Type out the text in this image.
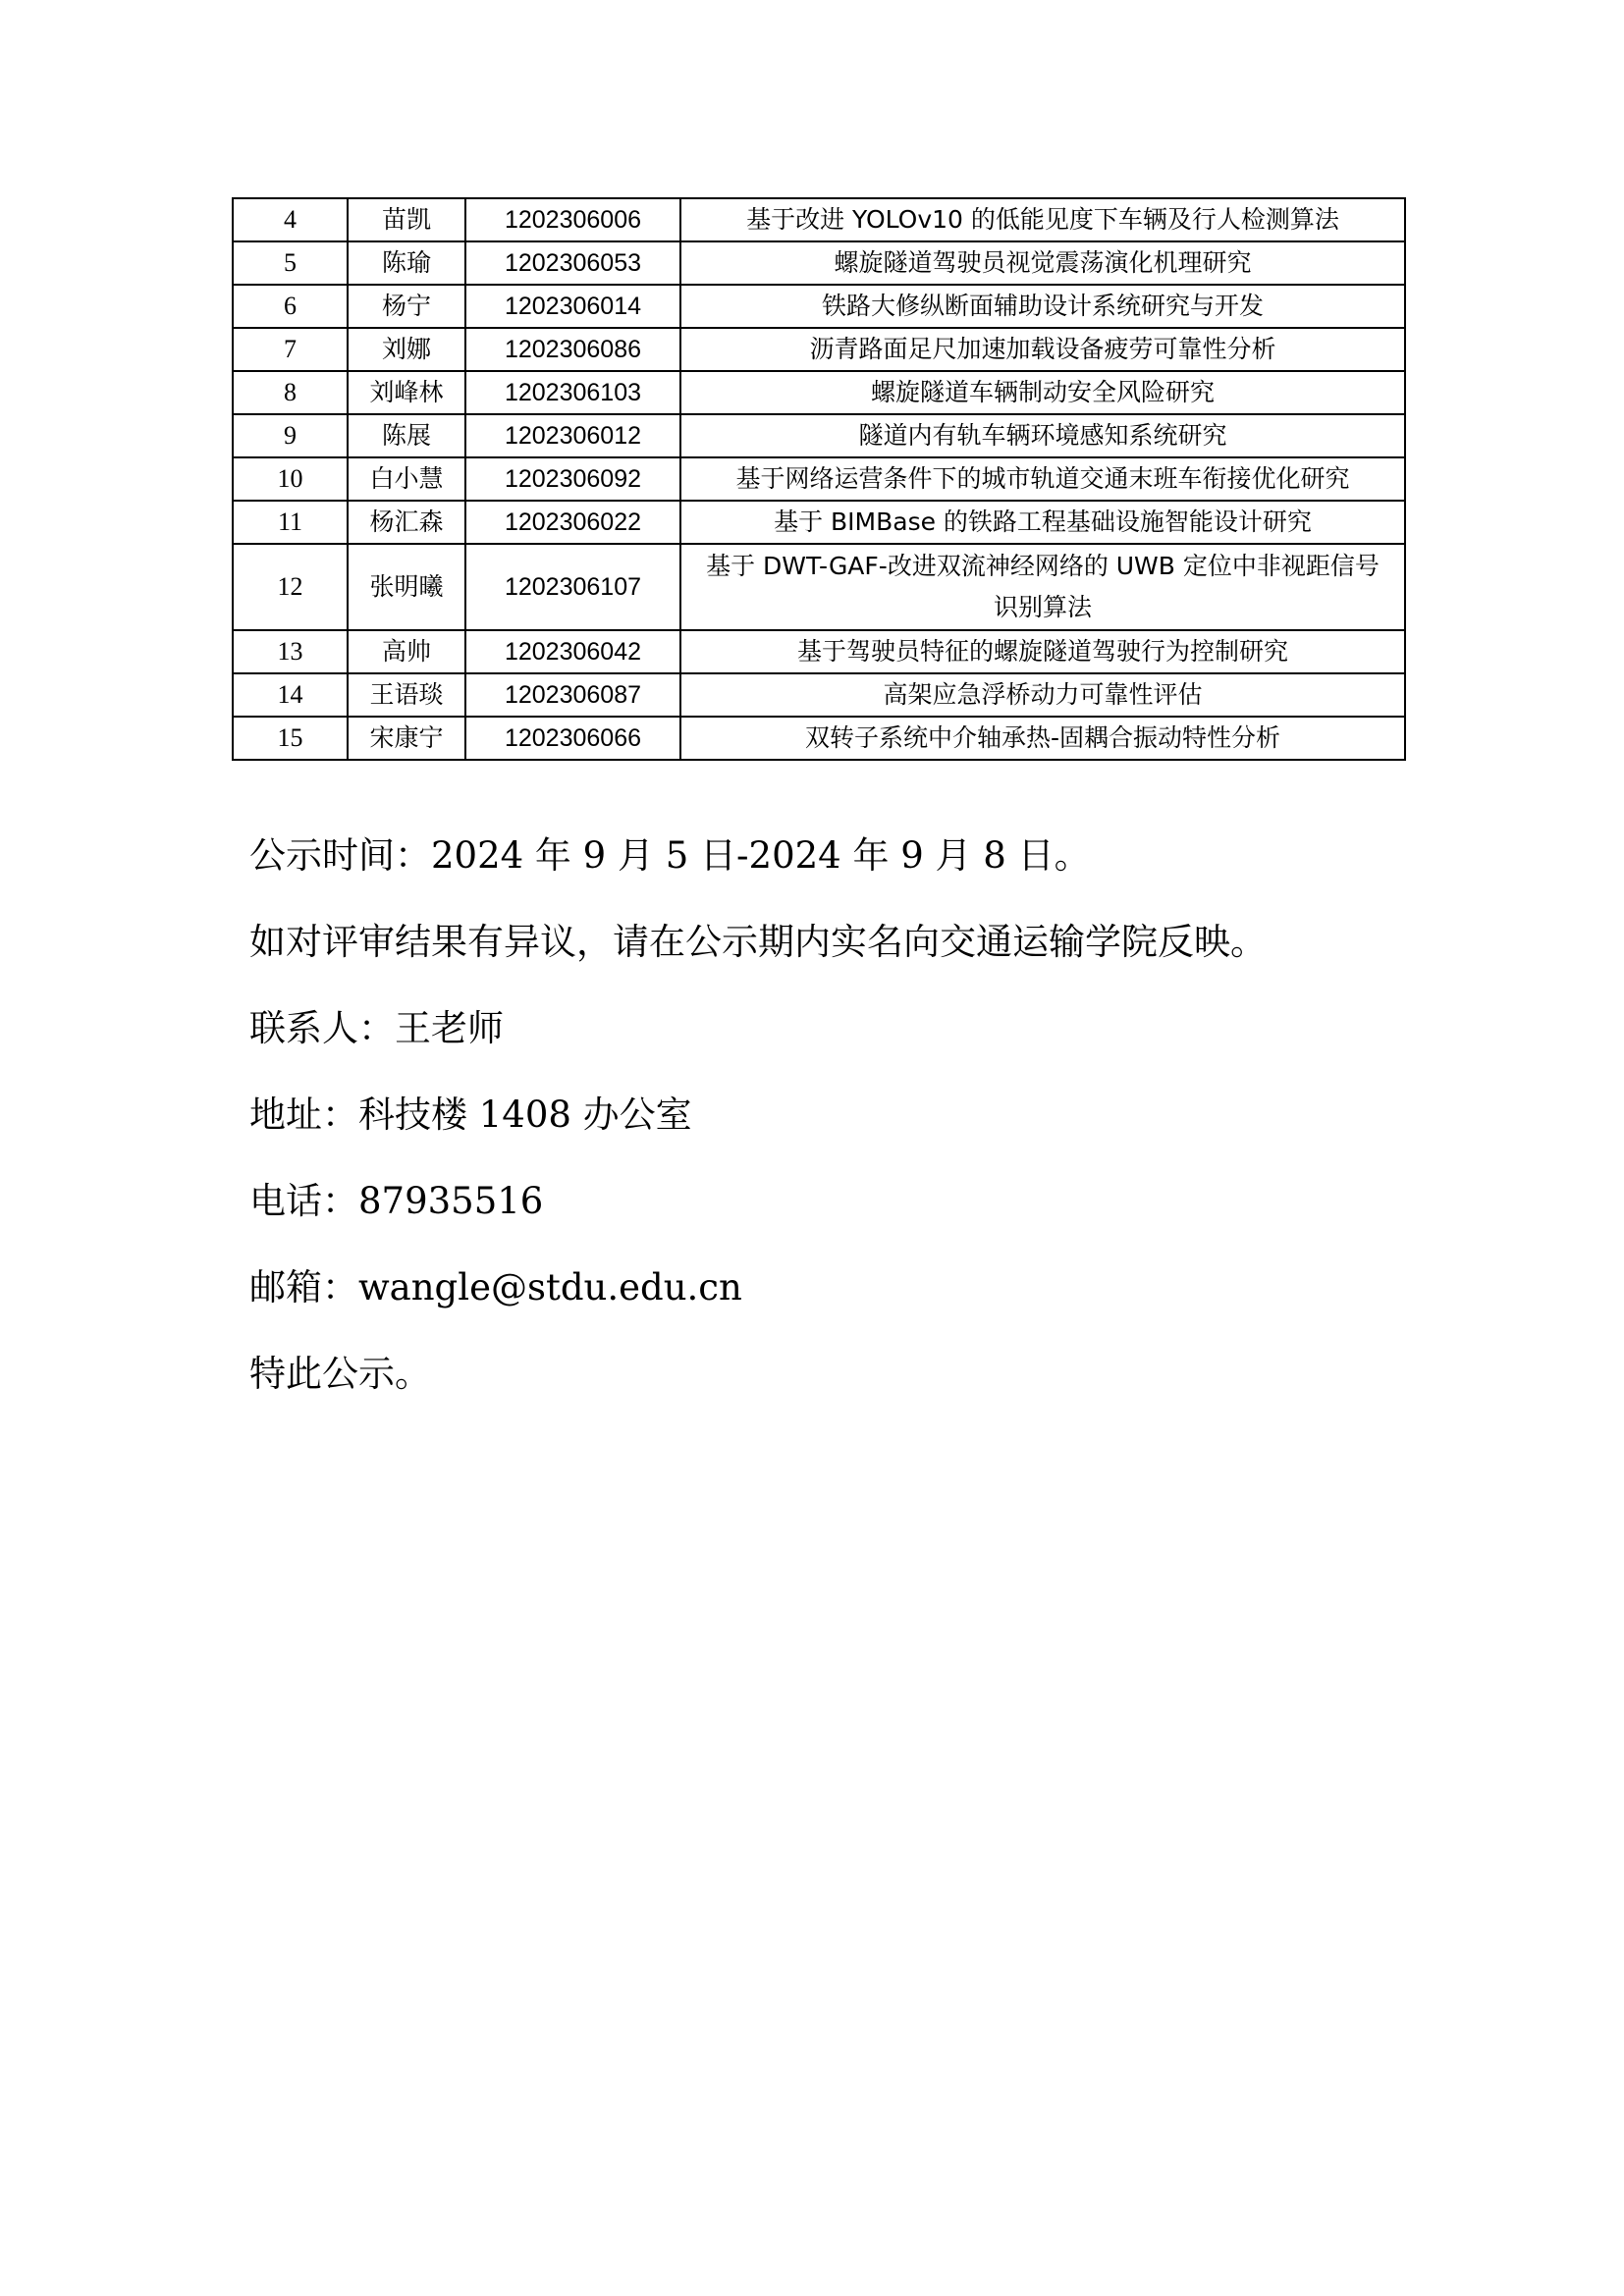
4	苗凯	1202306006	基于改进 YOLOv10 的低能见度下车辆及行人检测算法
5	陈瑜	1202306053	螺旋隧道驾驶员视觉震荡演化机理研究
6	杨宁	1202306014	铁路大修纵断面辅助设计系统研究与开发
7	刘娜	1202306086	沥青路面足尺加速加载设备疲劳可靠性分析
8	刘峰林	1202306103	螺旋隧道车辆制动安全风险研究
9	陈展	1202306012	隧道内有轨车辆环境感知系统研究
10	白小慧	1202306092	基于网络运营条件下的城市轨道交通末班车衔接优化研究
11	杨汇森	1202306022	基于 BIMBase 的铁路工程基础设施智能设计研究
12	张明曦	1202306107	基于 DWT-GAF-改进双流神经网络的 UWB 定位中非视距信号识别算法
13	高帅	1202306042	基于驾驶员特征的螺旋隧道驾驶行为控制研究
14	王语琰	1202306087	高架应急浮桥动力可靠性评估
15	宋康宁	1202306066	双转子系统中介轴承热-固耦合振动特性分析
公示时间：2024 年 9 月 5 日-2024 年 9 月 8 日。
如对评审结果有异议，请在公示期内实名向交通运输学院反映。
联系人：王老师
地址：科技楼 1408 办公室
电话：87935516
邮箱：wangle@stdu.edu.cn
特此公示。
